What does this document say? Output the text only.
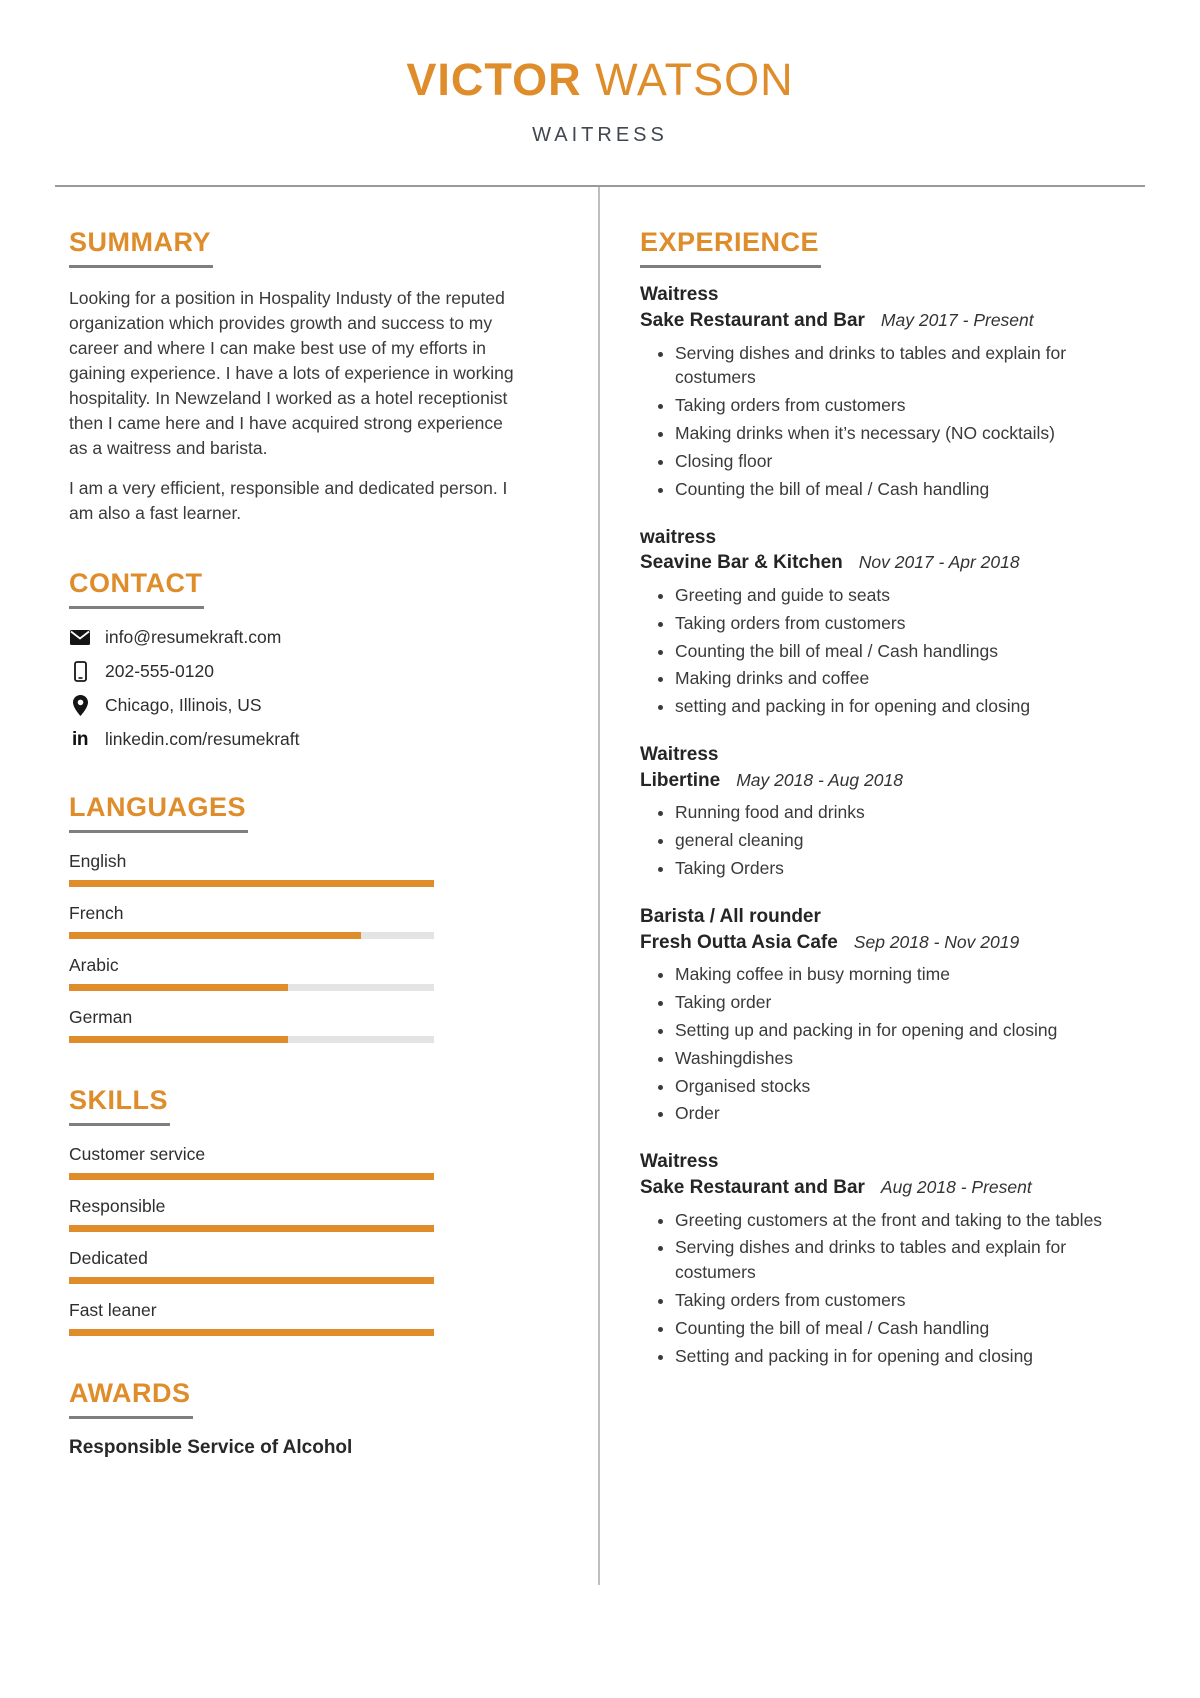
VICTOR WATSON
WAITRESS
SUMMARY

Looking for a position in Hospality Industy of the reputed organization which provides growth and success to my career and where I can make best use of my efforts in gaining experience. I have a lots of experience in working hospitality. In Newzeland I worked as a hotel receptionist then I came here and I have acquired strong experience as a waitress and barista.

I am a very efficient, responsible and dedicated person. I am also a fast learner.

CONTACT
info@resumekraft.com
202-555-0120
Chicago, Illinois, US
in linkedin.com/resumekraft
LANGUAGES
English
French
Arabic
German
SKILLS
Customer service
Responsible
Dedicated
Fast leaner
AWARDS
Responsible Service of Alcohol
EXPERIENCE
Waitress
Sake Restaurant and Bar May 2017 - Present
• Serving dishes and drinks to tables and explain for costumers
• Taking orders from customers
• Making drinks when it’s necessary (NO cocktails)
• Closing floor
• Counting the bill of meal / Cash handling
waitress
Seavine Bar & Kitchen Nov 2017 - Apr 2018
• Greeting and guide to seats
• Taking orders from customers
• Counting the bill of meal / Cash handlings
• Making drinks and coffee
• setting and packing in for opening and closing
Waitress
Libertine May 2018 - Aug 2018
• Running food and drinks
• general cleaning
• Taking Orders
Barista / All rounder
Fresh Outta Asia Cafe Sep 2018 - Nov 2019
• Making coffee in busy morning time
• Taking order
• Setting up and packing in for opening and closing
• Washingdishes
• Organised stocks
• Order
Waitress
Sake Restaurant and Bar Aug 2018 - Present
• Greeting customers at the front and taking to the tables
• Serving dishes and drinks to tables and explain for costumers
• Taking orders from customers
• Counting the bill of meal / Cash handling
• Setting and packing in for opening and closing
